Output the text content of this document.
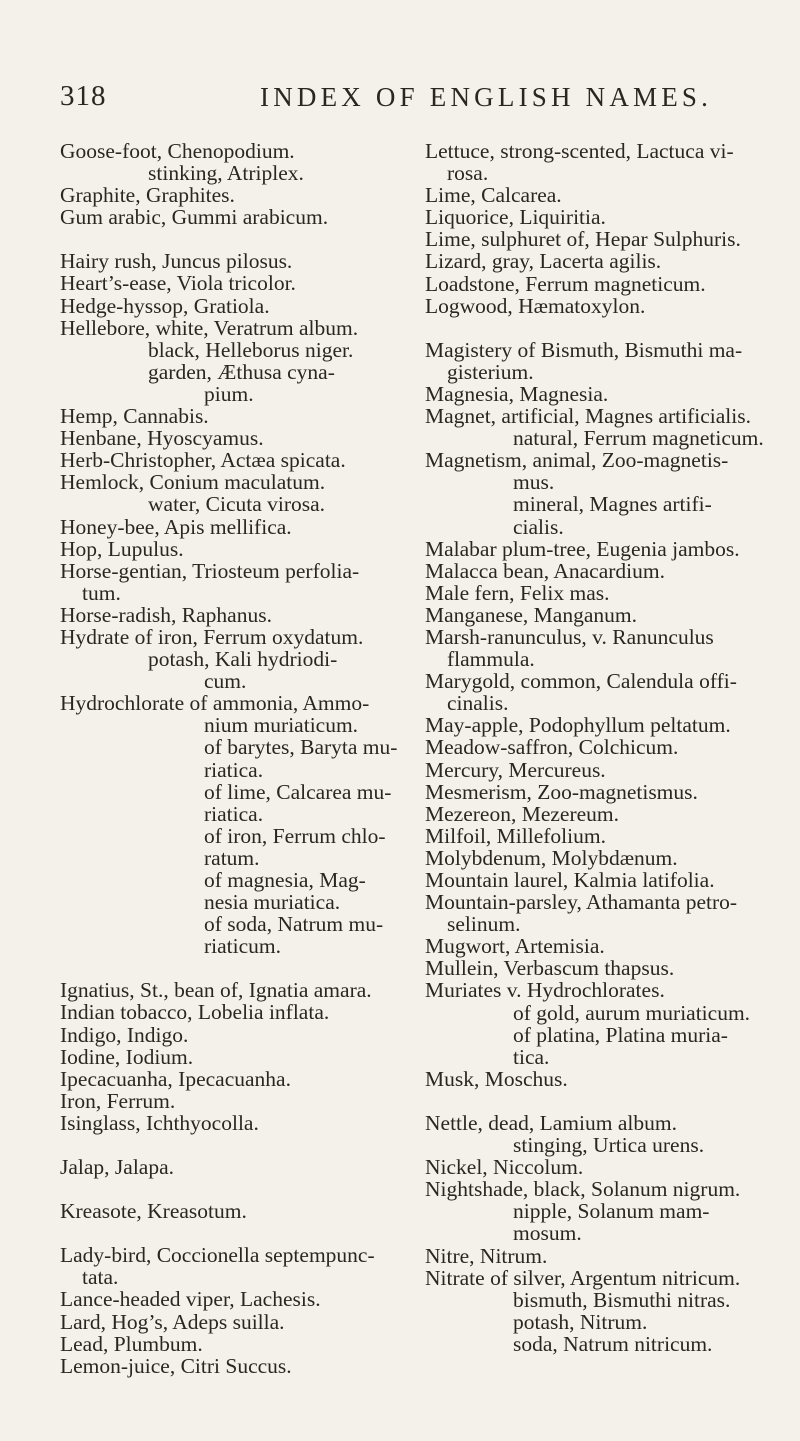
318	INDEX OF ENGLISH NAMES.
Goose-foot, Chenopodium.
stinking, Atriplex.
Graphite, Graphites.
Gum arabic, Gummi arabicum.
Hairy rush, Juncus pilosus.
Heart’s-ease, Viola tricolor.
Hedge-hyssop, Gratiola.
Hellebore, white, Veratrum album.
black, Helleborus niger.
garden, Æthusa cyna-
pium.
Hemp, Cannabis.
Henbane, Hyoscyamus.
Herb-Christopher, Actæa spicata.
Hemlock, Conium maculatum.
water, Cicuta virosa.
Honey-bee, Apis mellifica.
Hop, Lupulus.
Horse-gentian, Triosteum perfolia-
tum.
Horse-radish, Raphanus.
Hydrate of iron, Ferrum oxydatum.
potash, Kali hydriodi-
cum.
Hydrochlorate of ammonia, Ammo-
nium muriaticum.
of barytes, Baryta mu-
riatica.
of lime, Calcarea mu-
riatica.
of iron, Ferrum chlo-
ratum.
of magnesia, Mag-
nesia muriatica.
of soda, Natrum mu-
riaticum.
Ignatius, St., bean of, Ignatia amara.
Indian tobacco, Lobelia inflata.
Indigo, Indigo.
Iodine, Iodium.
Ipecacuanha, Ipecacuanha.
Iron, Ferrum.
Isinglass, Ichthyocolla.
Jalap, Jalapa.
Kreasote, Kreasotum.
Lady-bird, Coccionella septempunc-
tata.
Lance-headed viper, Lachesis.
Lard, Hog’s, Adeps suilla.
Lead, Plumbum.
Lemon-juice, Citri Succus.
Lettuce, strong-scented, Lactuca vi-
rosa.
Lime, Calcarea.
Liquorice, Liquiritia.
Lime, sulphuret of, Hepar Sulphuris.
Lizard, gray, Lacerta agilis.
Loadstone, Ferrum magneticum.
Logwood, Hæmatoxylon.
Magistery of Bismuth, Bismuthi ma-
gisterium.
Magnesia, Magnesia.
Magnet, artificial, Magnes artificialis.
natural, Ferrum magneticum.
Magnetism, animal, Zoo-magnetis-
mus.
mineral, Magnes artifi-
cialis.
Malabar plum-tree, Eugenia jambos.
Malacca bean, Anacardium.
Male fern, Felix mas.
Manganese, Manganum.
Marsh-ranunculus, v. Ranunculus
flammula.
Marygold, common, Calendula offi-
cinalis.
May-apple, Podophyllum peltatum.
Meadow-saffron, Colchicum.
Mercury, Mercureus.
Mesmerism, Zoo-magnetismus.
Mezereon, Mezereum.
Milfoil, Millefolium.
Molybdenum, Molybdænum.
Mountain laurel, Kalmia latifolia.
Mountain-parsley, Athamanta petro-
selinum.
Mugwort, Artemisia.
Mullein, Verbascum thapsus.
Muriates v. Hydrochlorates.
of gold, aurum muriaticum.
of platina, Platina muria-
tica.
Musk, Moschus.
Nettle, dead, Lamium album.
stinging, Urtica urens.
Nickel, Niccolum.
Nightshade, black, Solanum nigrum.
nipple, Solanum mam-
mosum.
Nitre, Nitrum.
Nitrate of silver, Argentum nitricum.
bismuth, Bismuthi nitras.
potash, Nitrum.
soda, Natrum nitricum.
